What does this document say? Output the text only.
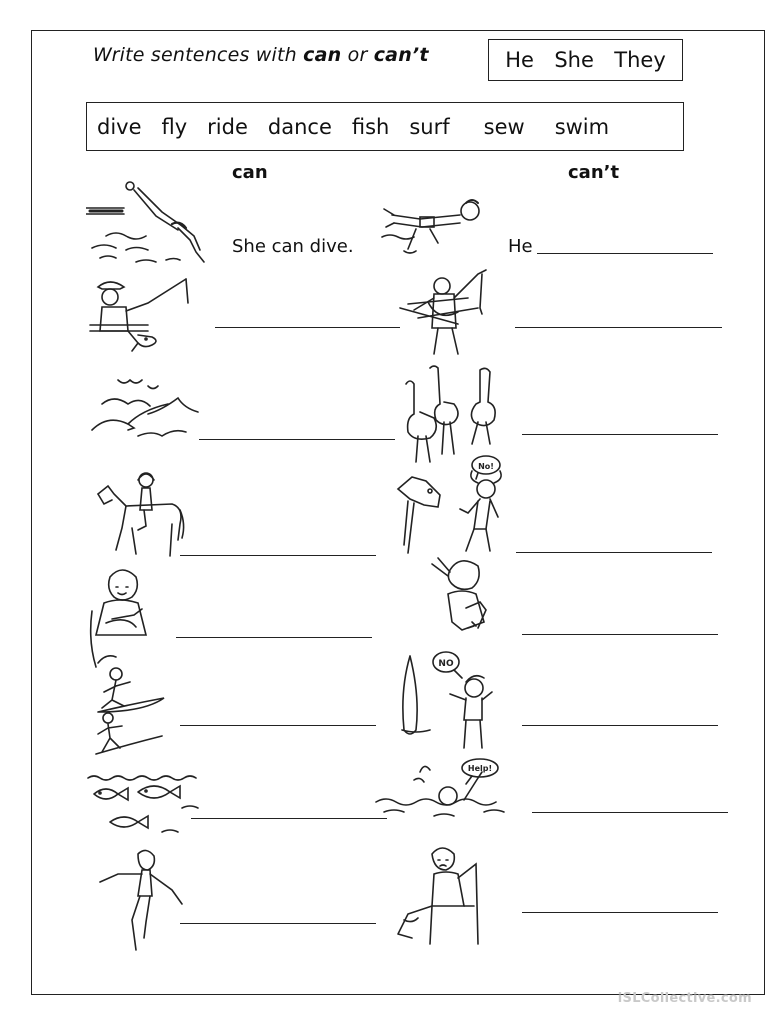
Write sentences with can or can’t	He She They
dive fly ride dance fish surf sew swim
can	can’t
She can dive.	He
No!
NO
Help!
iSLCollective.com
